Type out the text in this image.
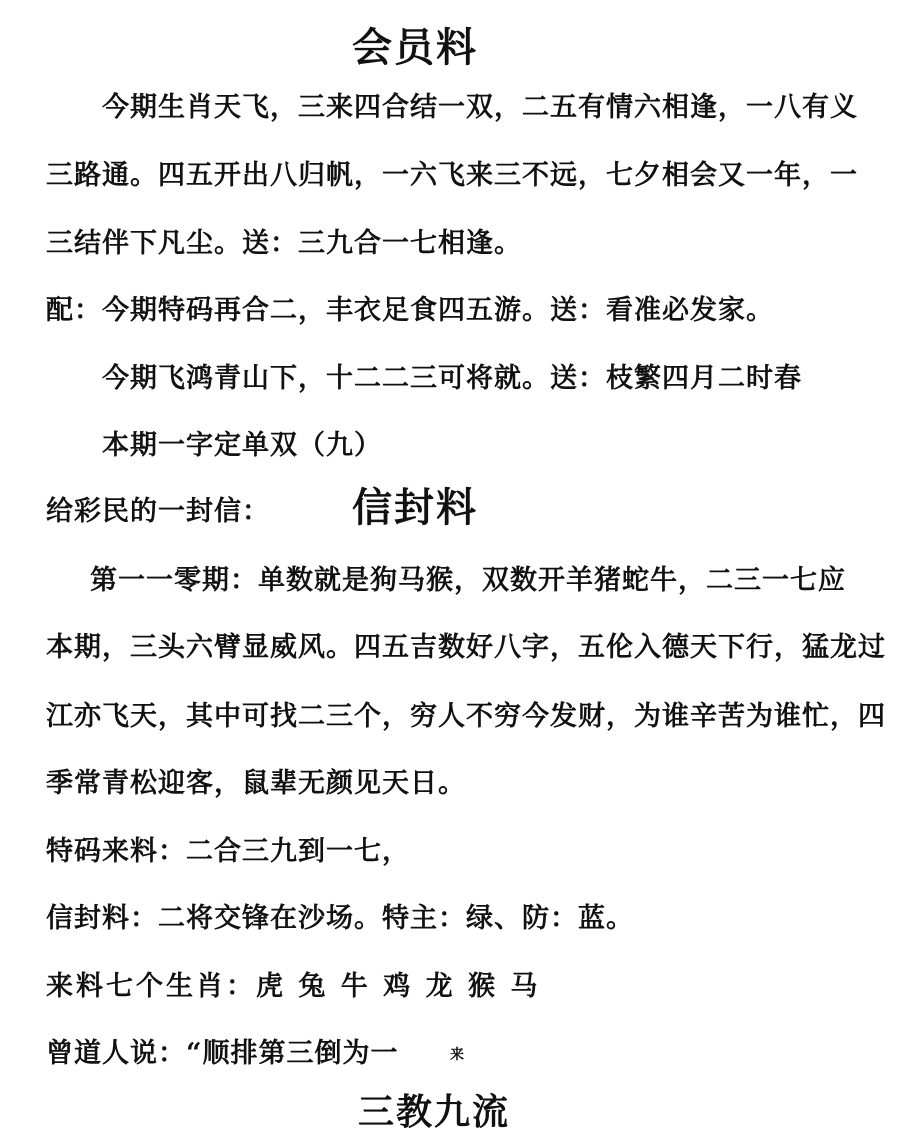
会员料
今期生肖天飞，三来四合结一双，二五有情六相逢，一八有义
三路通。四五开出八归帆，一六飞来三不远，七夕相会又一年，一
三结伴下凡尘。送：三九合一七相逢。
配：今期特码再合二，丰衣足食四五游。送：看准必发家。
今期飞鸿青山下，十二二三可将就。送：枝繁四月二时春
本期一字定单双（九）
给彩民的一封信： 信封料
第一一零期：单数就是狗马猴，双数开羊猪蛇牛，二三一七应
本期，三头六臂显威风。四五吉数好八字，五伦入德天下行，猛龙过
江亦飞天，其中可找二三个，穷人不穷今发财，为谁辛苦为谁忙，四
季常青松迎客，鼠辈无颜见天日。
特码来料：二合三九到一七，
信封料：二将交锋在沙场。特主：绿、防：蓝。
来料七个生肖：虎 兔 牛 鸡 龙 猴 马
曾道人说：“顺排第三倒为一	来
三教九流
